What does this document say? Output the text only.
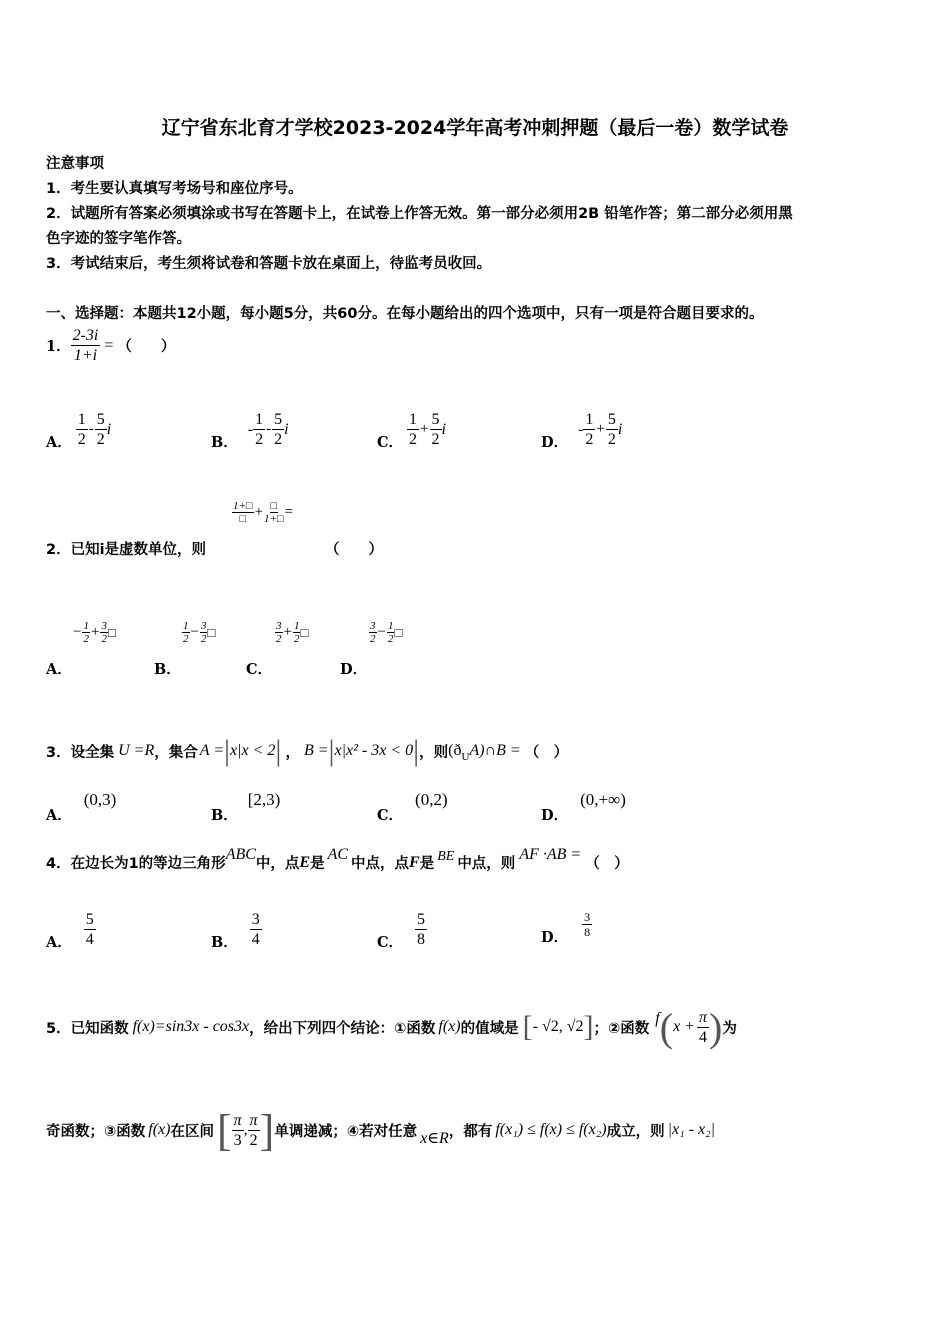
辽宁省东北育才学校2023-2024学年高考冲刺押题（最后一卷）数学试卷
注意事项
1．考生要认真填写考场号和座位序号。
2．试题所有答案必须填涂或书写在答题卡上，在试卷上作答无效。第一部分必须用2B 铅笔作答；第二部分必须用黑
色字迹的签字笔作答。
3．考试结束后，考生须将试卷和答题卡放在桌面上，待监考员收回。
一、选择题：本题共12小题，每小题5分，共60分。在每小题给出的四个选项中，只有一项是符合题目要求的。
1． $\frac{2-3i}{1+i}$ = （　　）
A． $\frac{1}{2} - \frac{5}{2}$ i
B．
- $\frac{1}{2} - \frac{5}{2}$ i
C． $\frac{1}{2} + \frac{5}{2}$ i
D．
- $\frac{1}{2} + \frac{5}{2}$ i
1+□
□ + □
1+□ =
2．已知i是虚数单位，则	（　　）
− $\frac{1}{2} + \frac{3}{2}$ □
A．
$\frac{1}{2} - \frac{3}{2}$ □
B．
$\frac{3}{2} + \frac{1}{2}$ □
C．
$\frac{3}{2} - \frac{1}{2}$ □
D．
3．设全集 U =R ，集合 A = | x|x < 2 | ， B = | x|x² - 3x < 0 | ，则 (ð U A)∩B = （　）
A．
(0,3)
B．
[2,3)
C．
(0,2)
D．
(0,+∞)
4．在边长为1的等边三角形
ABC
中，点 E 是
AC
中点，点 F 是 BE 中点，则
AF ·AB =
（　）
A． $\frac{5}{4}$	B． $\frac{3}{4}$	C． $\frac{5}{8}$	D． $\frac{3}{8}$
5．已知函数 f(x)=sin3x - cos3x ，给出下列四个结论：①函数 f(x) 的值域是 [ - √2, √2 ] ；②函数
f ( $x + \frac{\pi}{4}$ ) 为
奇函数；③函数 f(x) 在区间 [ $\frac{\pi}{3}$ , $\frac{\pi}{2}$ ] 单调递减；④若对任意 x∈R ，都有 f(x₁) ≤ f(x) ≤ f(x₂) 成立，则 |x₁ - x₂|
